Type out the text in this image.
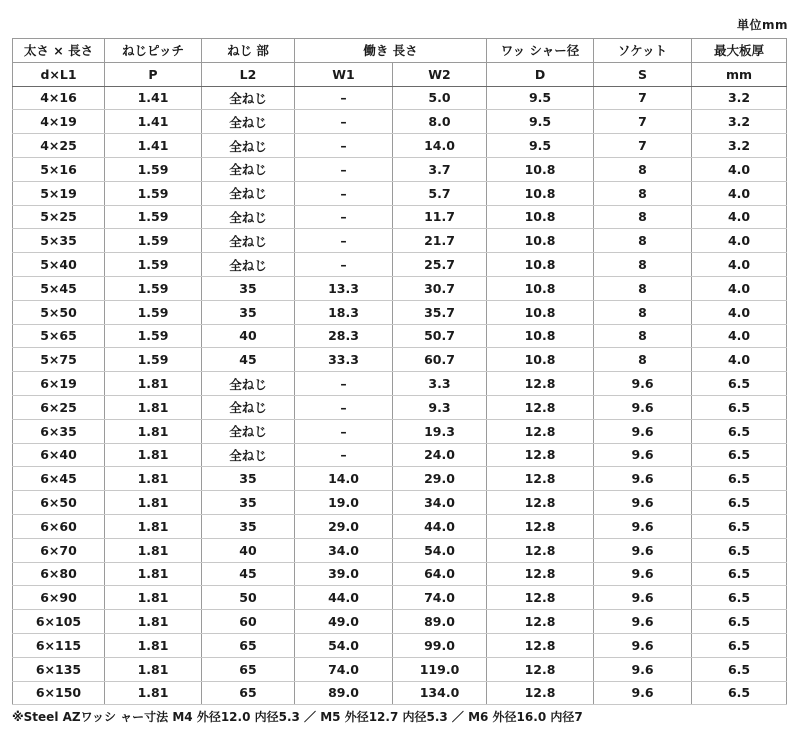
単位mm
太さ × 長さ	ねじピッチ	ねじ 部	働き 長さ		ワッ シャー径	ソケット	最大板厚
d×L1	P	L2	W1	W2	D	S	mm
4×16	1.41	全ねじ	–	5.0	9.5	7	3.2
4×19	1.41	全ねじ	–	8.0	9.5	7	3.2
4×25	1.41	全ねじ	–	14.0	9.5	7	3.2
5×16	1.59	全ねじ	–	3.7	10.8	8	4.0
5×19	1.59	全ねじ	–	5.7	10.8	8	4.0
5×25	1.59	全ねじ	–	11.7	10.8	8	4.0
5×35	1.59	全ねじ	–	21.7	10.8	8	4.0
5×40	1.59	全ねじ	–	25.7	10.8	8	4.0
5×45	1.59	35	13.3	30.7	10.8	8	4.0
5×50	1.59	35	18.3	35.7	10.8	8	4.0
5×65	1.59	40	28.3	50.7	10.8	8	4.0
5×75	1.59	45	33.3	60.7	10.8	8	4.0
6×19	1.81	全ねじ	–	3.3	12.8	9.6	6.5
6×25	1.81	全ねじ	–	9.3	12.8	9.6	6.5
6×35	1.81	全ねじ	–	19.3	12.8	9.6	6.5
6×40	1.81	全ねじ	–	24.0	12.8	9.6	6.5
6×45	1.81	35	14.0	29.0	12.8	9.6	6.5
6×50	1.81	35	19.0	34.0	12.8	9.6	6.5
6×60	1.81	35	29.0	44.0	12.8	9.6	6.5
6×70	1.81	40	34.0	54.0	12.8	9.6	6.5
6×80	1.81	45	39.0	64.0	12.8	9.6	6.5
6×90	1.81	50	44.0	74.0	12.8	9.6	6.5
6×105	1.81	60	49.0	89.0	12.8	9.6	6.5
6×115	1.81	65	54.0	99.0	12.8	9.6	6.5
6×135	1.81	65	74.0	119.0	12.8	9.6	6.5
6×150	1.81	65	89.0	134.0	12.8	9.6	6.5
※Steel AZワッシ ャー寸法 M4 外径12.0 内径5.3 ／ M5 外径12.7 内径5.3 ／ M6 外径16.0 内径7
